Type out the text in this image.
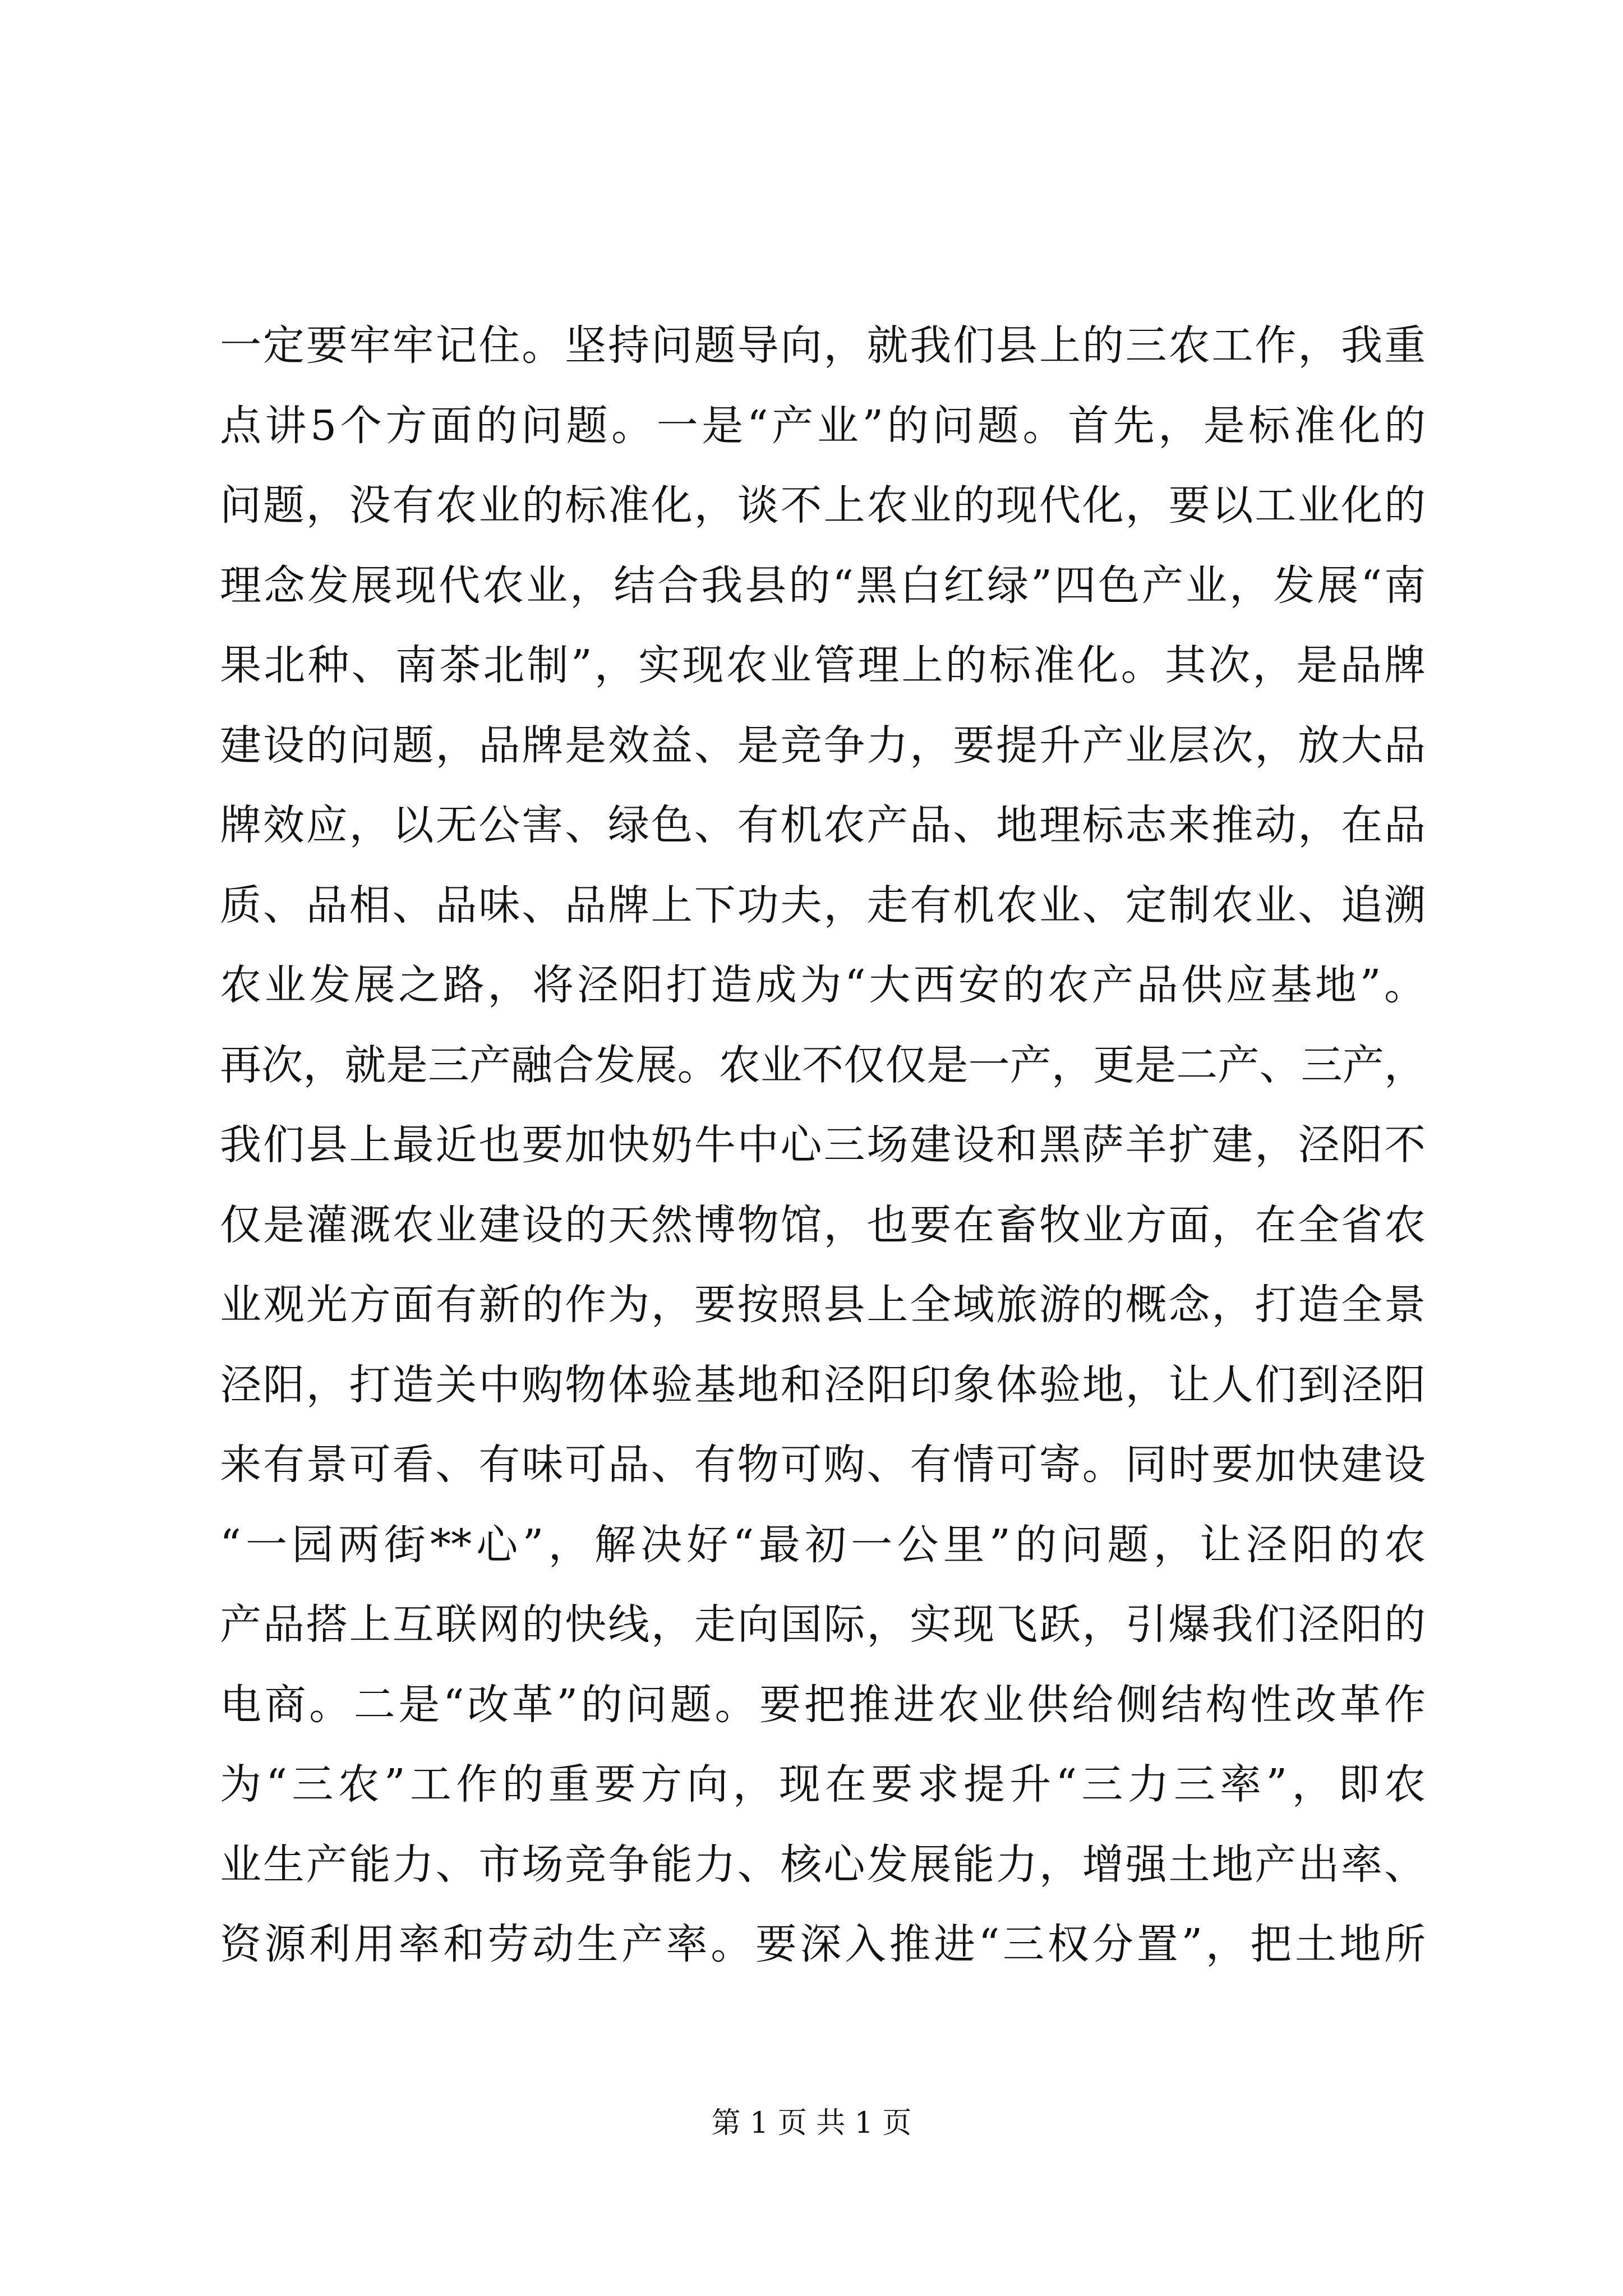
一定要牢牢记住。坚持问题导向，就我们县上的三农工作，我重
点讲5个方面的问题。一是“产业”的问题。首先，是标准化的
问题，没有农业的标准化，谈不上农业的现代化，要以工业化的
理念发展现代农业，结合我县的“黑白红绿”四色产业，发展“南
果北种、南茶北制”，实现农业管理上的标准化。其次，是品牌
建设的问题，品牌是效益、是竞争力，要提升产业层次，放大品
牌效应，以无公害、绿色、有机农产品、地理标志来推动，在品
质、品相、品味、品牌上下功夫，走有机农业、定制农业、追溯
农业发展之路，将泾阳打造成为“大西安的农产品供应基地”。
再次，就是三产融合发展。农业不仅仅是一产，更是二产、三产，
我们县上最近也要加快奶牛中心三场建设和黑萨羊扩建，泾阳不
仅是灌溉农业建设的天然博物馆，也要在畜牧业方面，在全省农
业观光方面有新的作为，要按照县上全域旅游的概念，打造全景
泾阳，打造关中购物体验基地和泾阳印象体验地，让人们到泾阳
来有景可看、有味可品、有物可购、有情可寄。同时要加快建设
“一园两街**心”，解决好“最初一公里”的问题，让泾阳的农
产品搭上互联网的快线，走向国际，实现飞跃，引爆我们泾阳的
电商。二是“改革”的问题。要把推进农业供给侧结构性改革作
为“三农”工作的重要方向，现在要求提升“三力三率”，即农
业生产能力、市场竞争能力、核心发展能力，增强土地产出率、
资源利用率和劳动生产率。要深入推进“三权分置”，把土地所
第 1 页 共 1 页
